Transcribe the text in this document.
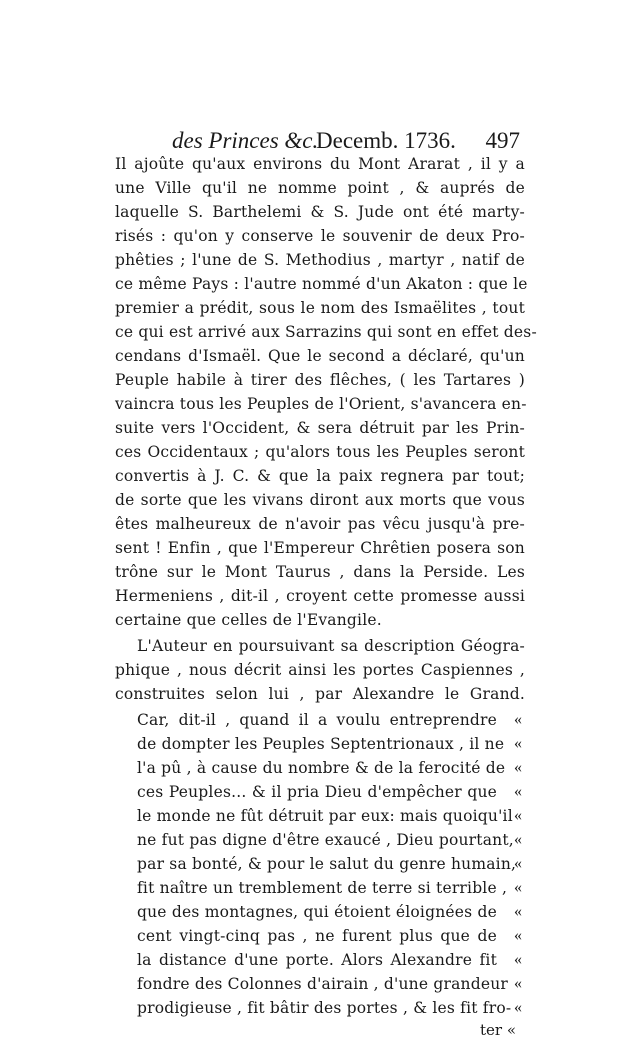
des Princes &c.
Decemb. 1736. 497
Il ajoûte qu'aux environs du Mont Ararat , il y a
une Ville qu'il ne nomme point , & auprés de
laquelle S. Barthelemi & S. Jude ont été marty-
risés : qu'on y conserve le souvenir de deux Pro-
phêties ; l'une de S. Methodius , martyr , natif de
ce même Pays : l'autre nommé d'un Akaton : que le
premier a prédit, sous le nom des Ismaëlites , tout
ce qui est arrivé aux Sarrazins qui sont en effet des-
cendans d'Ismaël. Que le second a déclaré, qu'un
Peuple habile à tirer des flêches, ( les Tartares )
vaincra tous les Peuples de l'Orient, s'avancera en-
suite vers l'Occident, & sera détruit par les Prin-
ces Occidentaux ; qu'alors tous les Peuples seront
convertis à J. C. & que la paix regnera par tout;
de sorte que les vivans diront aux morts que vous
êtes malheureux de n'avoir pas vêcu jusqu'à pre-
sent ! Enfin , que l'Empereur Chrêtien posera son
trône sur le Mont Taurus , dans la Perside. Les
Hermeniens , dit-il , croyent cette promesse aussi
certaine que celles de l'Evangile.
L'Auteur en poursuivant sa description Géogra-
phique , nous décrit ainsi les portes Caspiennes ,
construites selon lui , par Alexandre le Grand.
Car, dit-il , quand il a voulu entreprendre
de dompter les Peuples Septentrionaux , il ne
l'a pû , à cause du nombre & de la ferocité de
ces Peuples... & il pria Dieu d'empêcher que
le monde ne fût détruit par eux: mais quoiqu'il
ne fut pas digne d'être exaucé , Dieu pourtant,
par sa bonté, & pour le salut du genre humain,
fit naître un tremblement de terre si terrible ,
que des montagnes, qui étoient éloignées de
cent vingt-cinq pas , ne furent plus que de
la distance d'une porte. Alors Alexandre fit
fondre des Colonnes d'airain , d'une grandeur
prodigieuse , fit bâtir des portes , & les fit fro-
«
«
«
«
«
«
«
«
«
«
«
«
«
ter «
